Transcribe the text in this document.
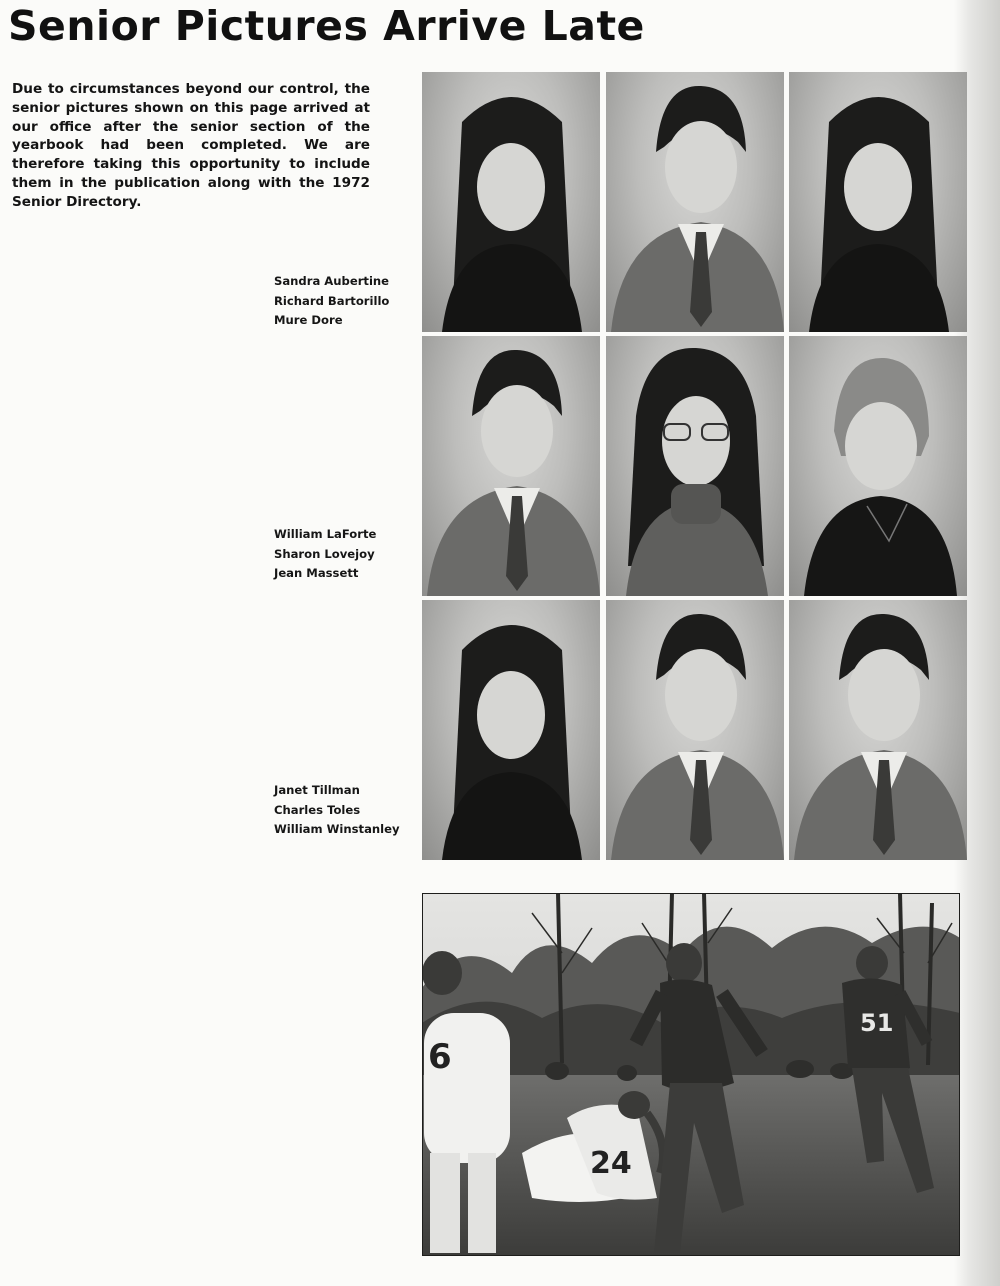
Senior Pictures Arrive Late

Due to circumstances beyond our control, the senior pictures shown on this page arrived at our office after the senior section of the yearbook had been completed. We are therefore taking this opportunity to include them in the publication along with the 1972 Senior Directory.

Sandra Aubertine
Richard Bartorillo
Mure Dore
William LaForte
Sharon Lovejoy
Jean Massett
Janet Tillman
Charles Toles
William Winstanley
6
24
51
